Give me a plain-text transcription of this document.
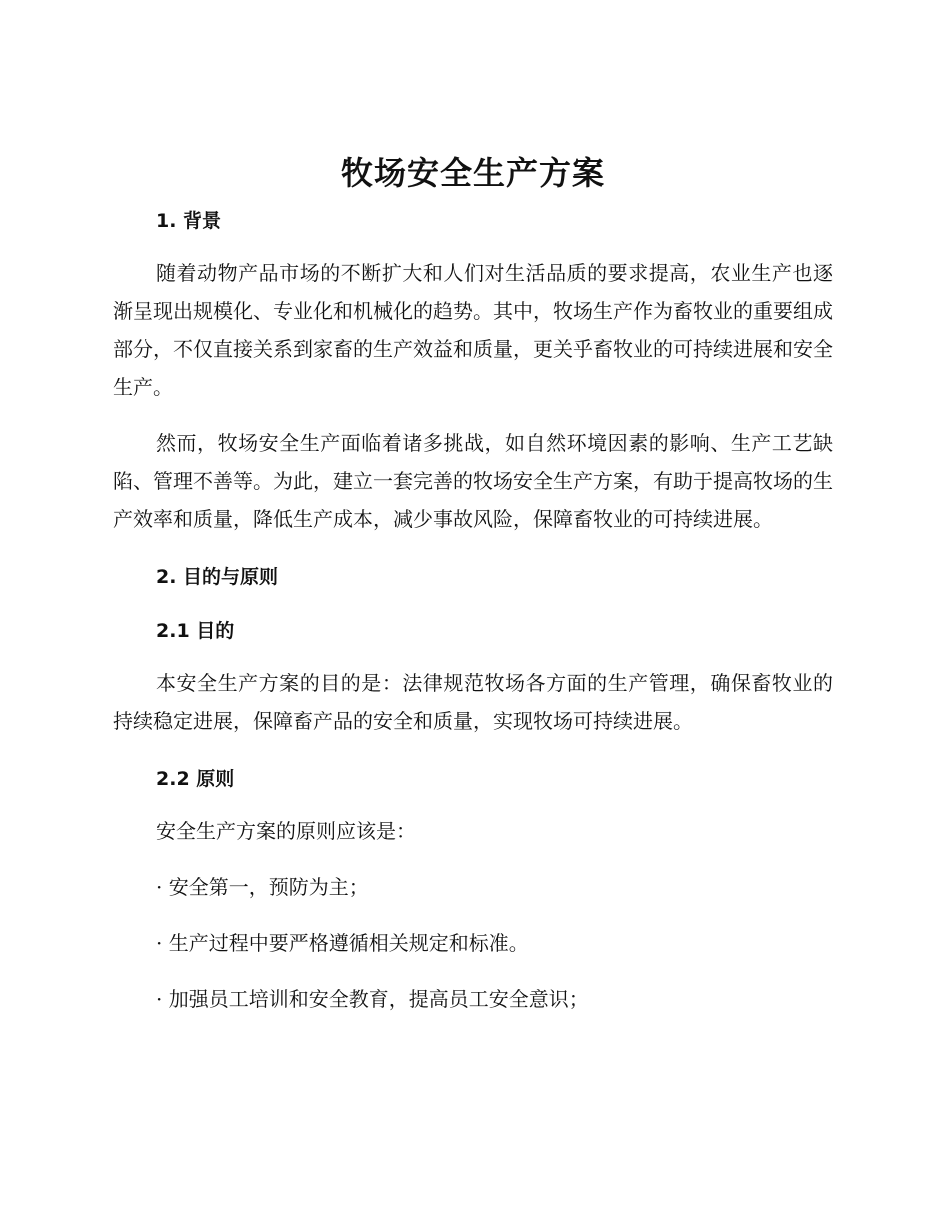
牧场安全生产方案
1. 背景

随着动物产品市场的不断扩大和人们对生活品质的要求提高，农业生产也逐渐呈现出规模化、专业化和机械化的趋势。其中，牧场生产作为畜牧业的重要组成部分，不仅直接关系到家畜的生产效益和质量，更关乎畜牧业的可持续进展和安全生产。

然而，牧场安全生产面临着诸多挑战，如自然环境因素的影响、生产工艺缺陷、管理不善等。为此，建立一套完善的牧场安全生产方案，有助于提高牧场的生产效率和质量，降低生产成本，减少事故风险，保障畜牧业的可持续进展。

2. 目的与原则
2.1 目的

本安全生产方案的目的是：法律规范牧场各方面的生产管理，确保畜牧业的持续稳定进展，保障畜产品的安全和质量，实现牧场可持续进展。

2.2 原则

安全生产方案的原则应该是：

· 安全第一，预防为主；

· 生产过程中要严格遵循相关规定和标准。

· 加强员工培训和安全教育，提高员工安全意识；
